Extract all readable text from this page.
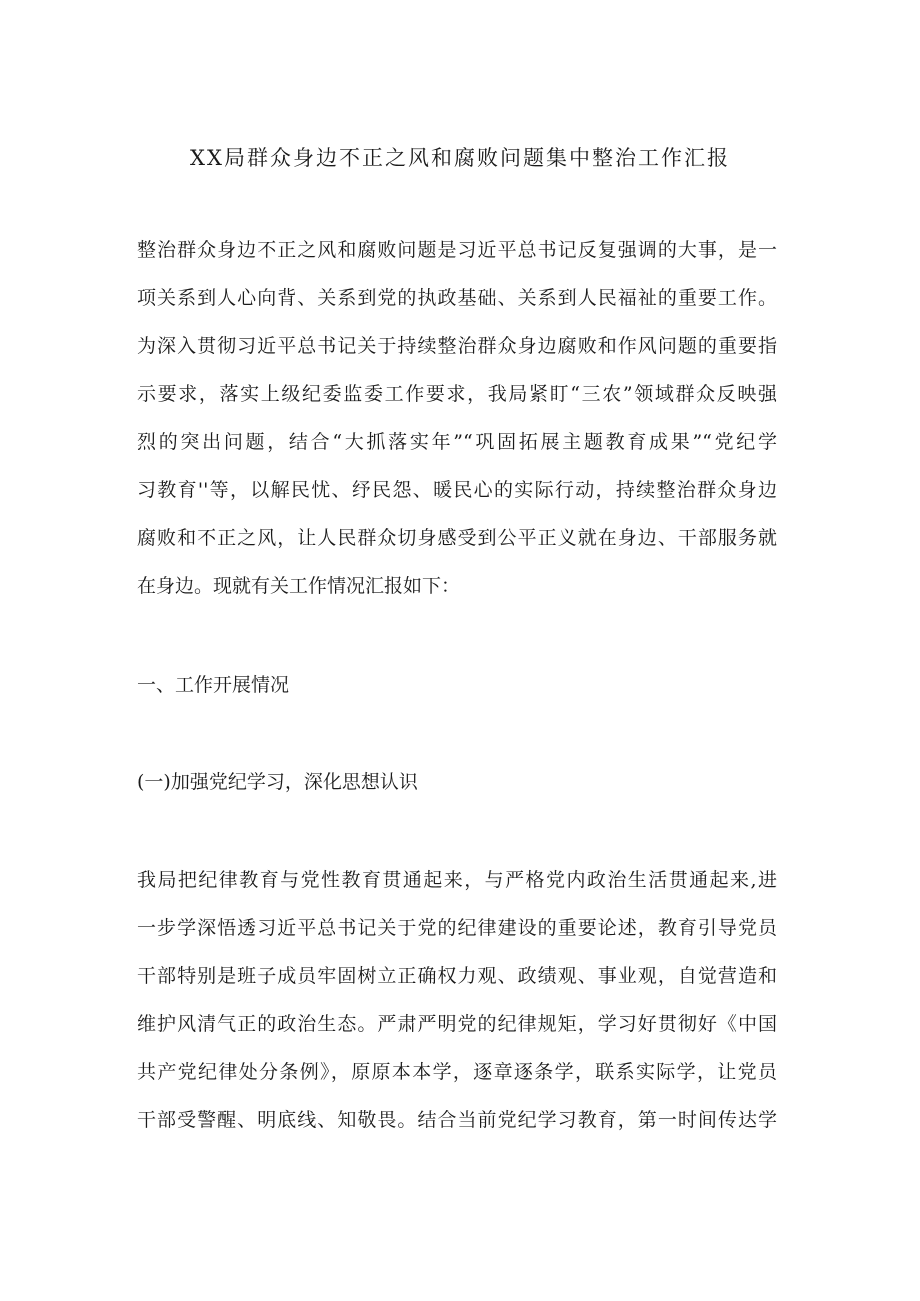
XX局群众身边不正之风和腐败问题集中整治工作汇报
整治群众身边不正之风和腐败问题是习近平总书记反复强调的大事，是一
项关系到人心向背、关系到党的执政基础、关系到人民福祉的重要工作。
为深入贯彻习近平总书记关于持续整治群众身边腐败和作风问题的重要指
示要求，落实上级纪委监委工作要求，我局紧盯“三农”领域群众反映强
烈的突出问题，结合“大抓落实年”“巩固拓展主题教育成果”“党纪学
习教育''等，以解民忧、纾民怨、暖民心的实际行动，持续整治群众身边
腐败和不正之风，让人民群众切身感受到公平正义就在身边、干部服务就
在身边。现就有关工作情况汇报如下：
一、工作开展情况
(一)加强党纪学习，深化思想认识
我局把纪律教育与党性教育贯通起来，与严格党内政治生活贯通起来,进
一步学深悟透习近平总书记关于党的纪律建设的重要论述，教育引导党员
干部特别是班子成员牢固树立正确权力观、政绩观、事业观，自觉营造和
维护风清气正的政治生态。严肃严明党的纪律规矩，学习好贯彻好《中国
共产党纪律处分条例》，原原本本学，逐章逐条学，联系实际学，让党员
干部受警醒、明底线、知敬畏。结合当前党纪学习教育，第一时间传达学
